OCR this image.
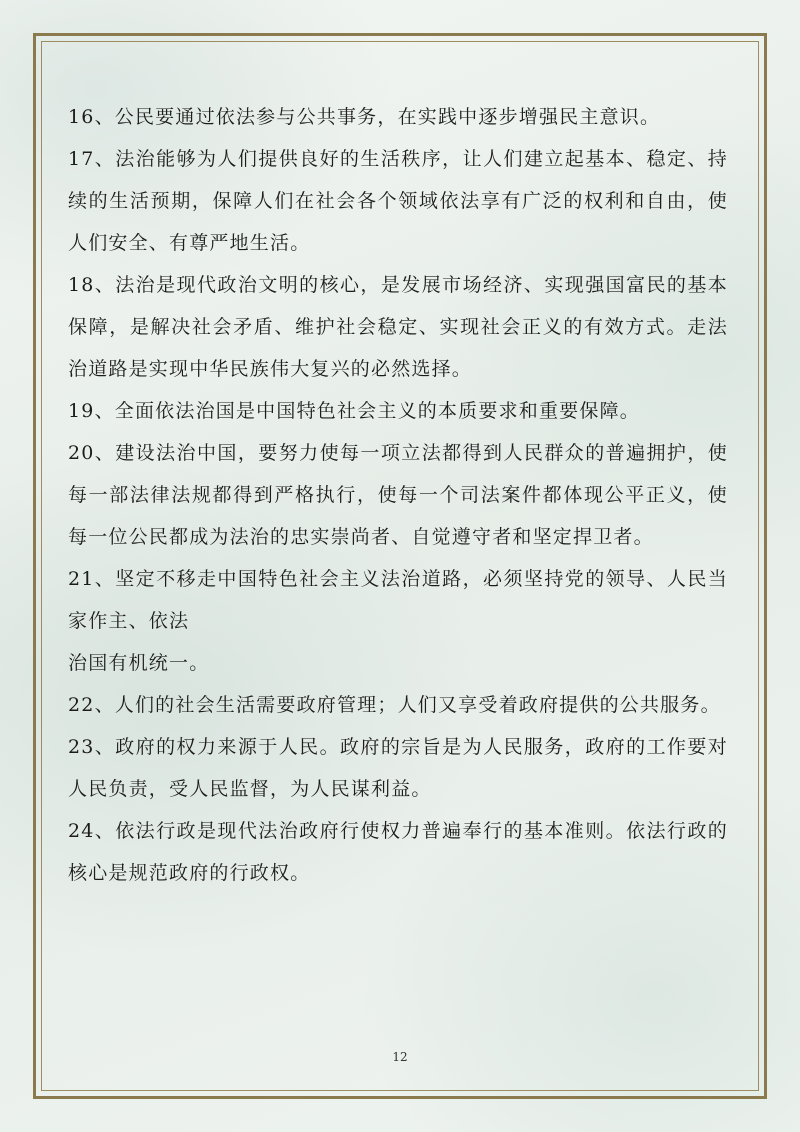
16、公民要通过依法参与公共事务，在实践中逐步增强民主意识。

17、法治能够为人们提供良好的生活秩序，让人们建立起基本、稳定、持续的生活预期，保障人们在社会各个领域依法享有广泛的权利和自由，使人们安全、有尊严地生活。

18、法治是现代政治文明的核心，是发展市场经济、实现强国富民的基本保障，是解决社会矛盾、维护社会稳定、实现社会正义的有效方式。走法治道路是实现中华民族伟大复兴的必然选择。

19、全面依法治国是中国特色社会主义的本质要求和重要保障。

20、建设法治中国，要努力使每一项立法都得到人民群众的普遍拥护，使每一部法律法规都得到严格执行，使每一个司法案件都体现公平正义，使每一位公民都成为法治的忠实崇尚者、自觉遵守者和坚定捍卫者。

21、坚定不移走中国特色社会主义法治道路，必须坚持党的领导、人民当家作主、依法

治国有机统一。

22、人们的社会生活需要政府管理；人们又享受着政府提供的公共服务。

23、政府的权力来源于人民。政府的宗旨是为人民服务，政府的工作要对人民负责，受人民监督，为人民谋利益。

24、依法行政是现代法治政府行使权力普遍奉行的基本准则。依法行政的核心是规范政府的行政权。

12
